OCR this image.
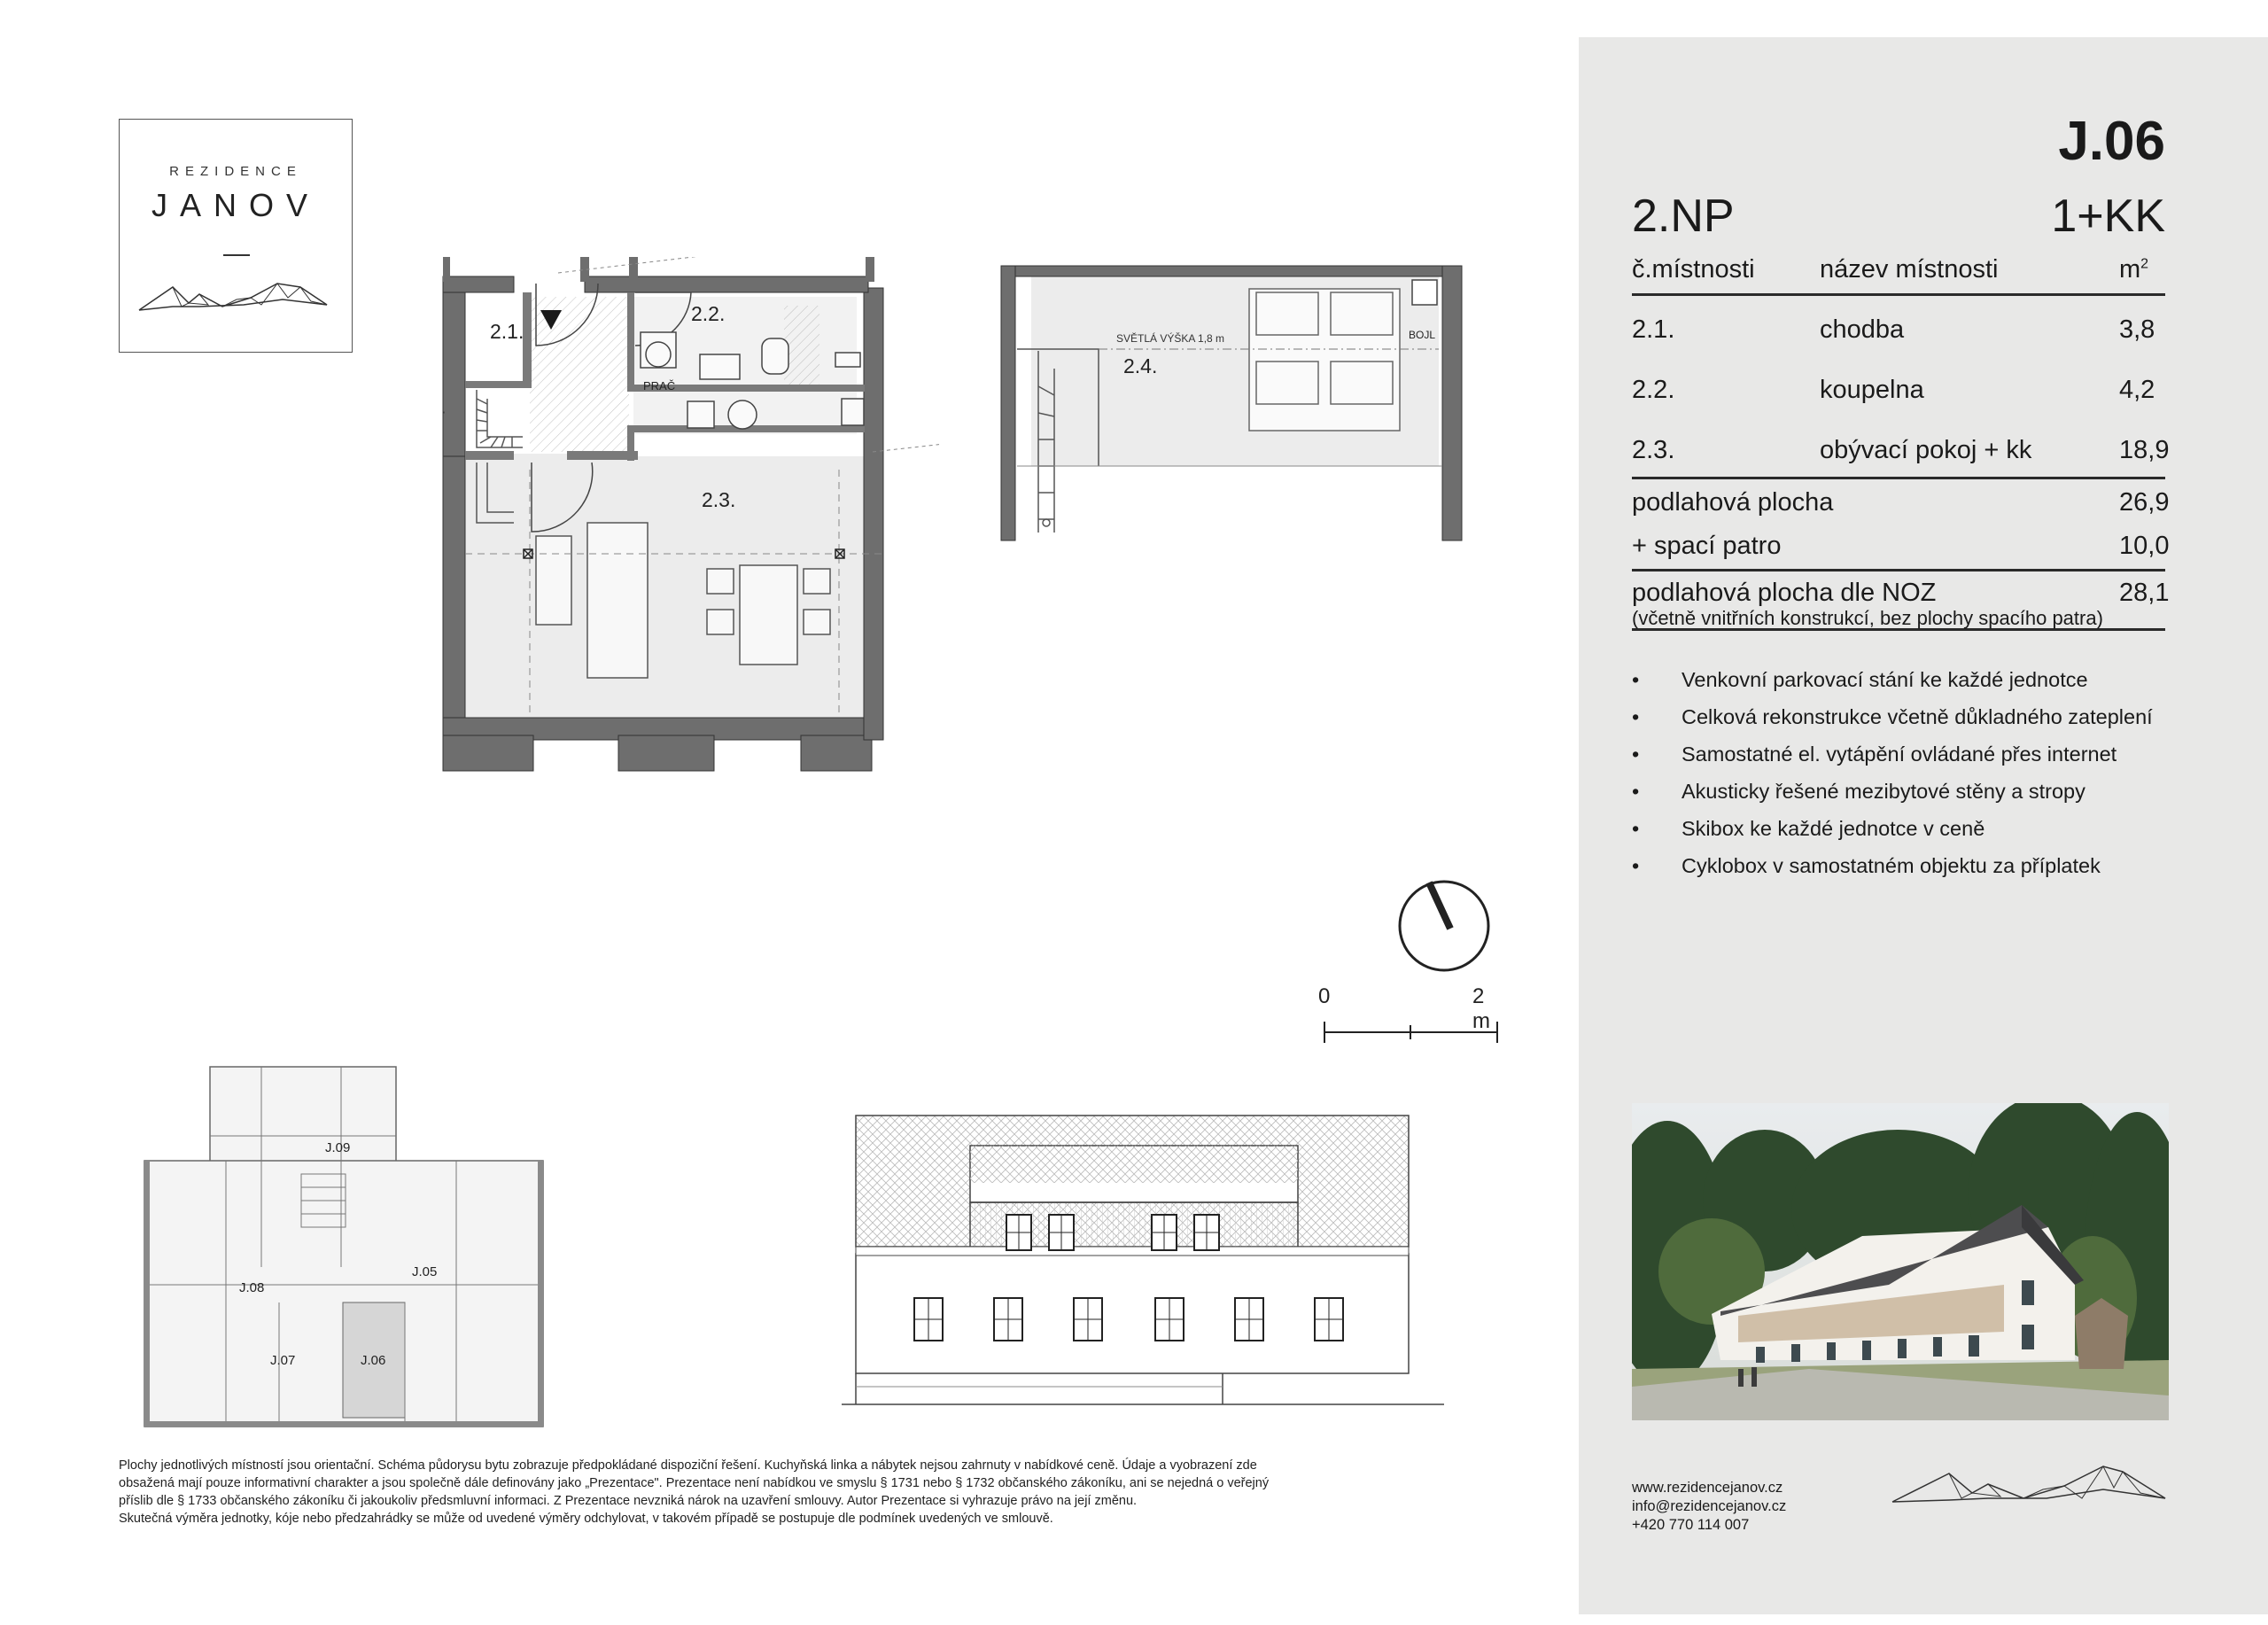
REZIDENCE
JANOV
PRAČ
2.1.
2.2.
2.3.
BOJL
SVĚTLÁ VÝŠKA 1,8 m
2.4.
0	2 m
J.09
J.08
J.05
J.07	J.06
Plochy jednotlivých místností jsou orientační. Schéma půdorysu bytu zobrazuje předpokládané dispoziční řešení. Kuchyňská linka a nábytek nejsou zahrnuty v nabídkové ceně. Údaje a vyobrazení zde
obsažená mají pouze informativní charakter a jsou společně dále definovány jako „Prezentace". Prezentace není nabídkou ve smyslu § 1731 nebo § 1732 občanského zákoníku, ani se nejedná o veřejný
příslib dle § 1733 občanského zákoníku či jakoukoliv předsmluvní informaci. Z Prezentace nevzniká nárok na uzavření smlouvy. Autor Prezentace si vyhrazuje právo na její změnu.
Skutečná výměra jednotky, kóje nebo předzahrádky se může od uvedené výměry odchylovat, v takovém případě se postupuje dle podmínek uvedených ve smlouvě.
J.06
2.NP	1+KK
č.místnosti	název místnosti	$m^2$
2.1.	chodba	3,8
2.2.	koupelna	4,2
2.3.	obývací pokoj + kk	18,9
podlahová plocha	26,9
+ spací patro	10,0
podlahová plocha dle NOZ	28,1
(včetně vnitřních konstrukcí, bez plochy spacího patra)
• Venkovní parkovací stání ke každé jednotce
• Celková rekonstrukce včetně důkladného zateplení
• Samostatné el. vytápění ovládané přes internet
• Akusticky řešené mezibytové stěny a stropy
• Skibox ke každé jednotce v ceně
• Cyklobox v samostatném objektu za příplatek
www.rezidencejanov.cz
info@rezidencejanov.cz
+420 770 114 007
